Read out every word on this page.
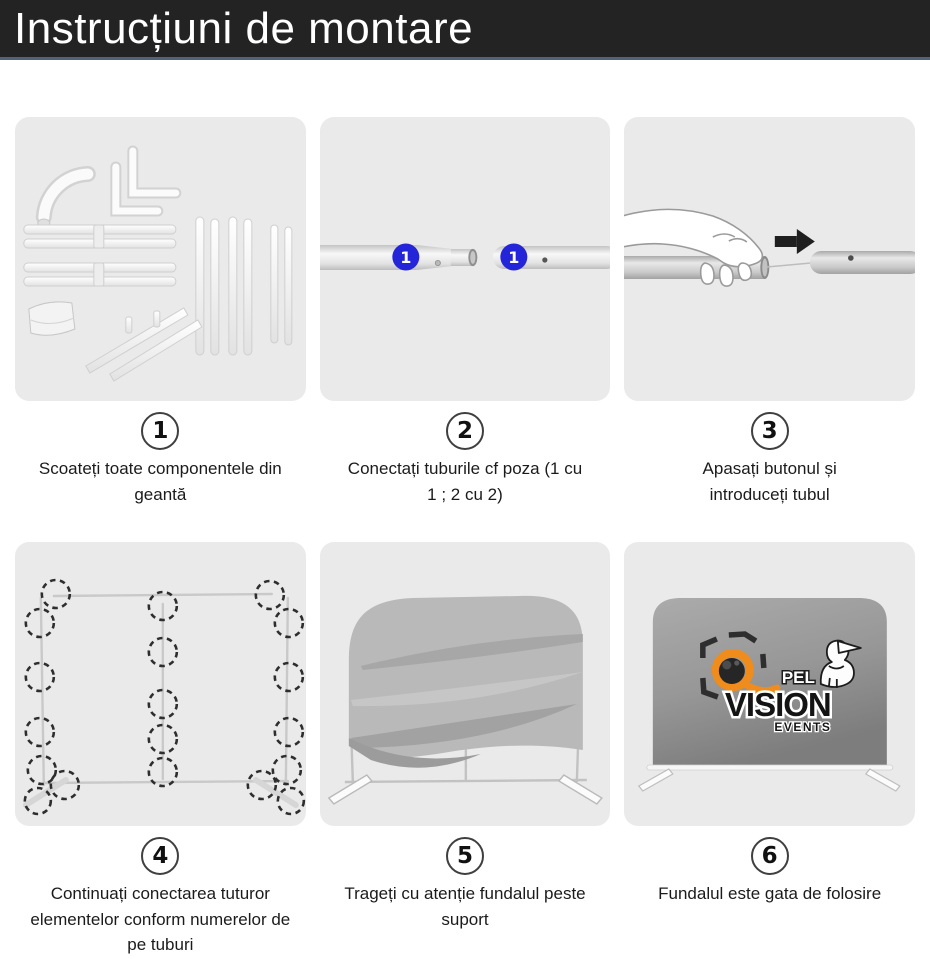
Instrucțiuni de montare
1

Scoateți toate componentele din geantă

1	1
2

Conectați tuburile cf poza (1 cu 1 ; 2 cu 2)

3

Apasați butonul și introduceți tubul

4

Continuați conectarea tuturor elementelor conform numerelor de pe tuburi

5

Trageți cu atenție fundalul peste suport

PEL
VISION
EVENTS
6

Fundalul este gata de folosire
